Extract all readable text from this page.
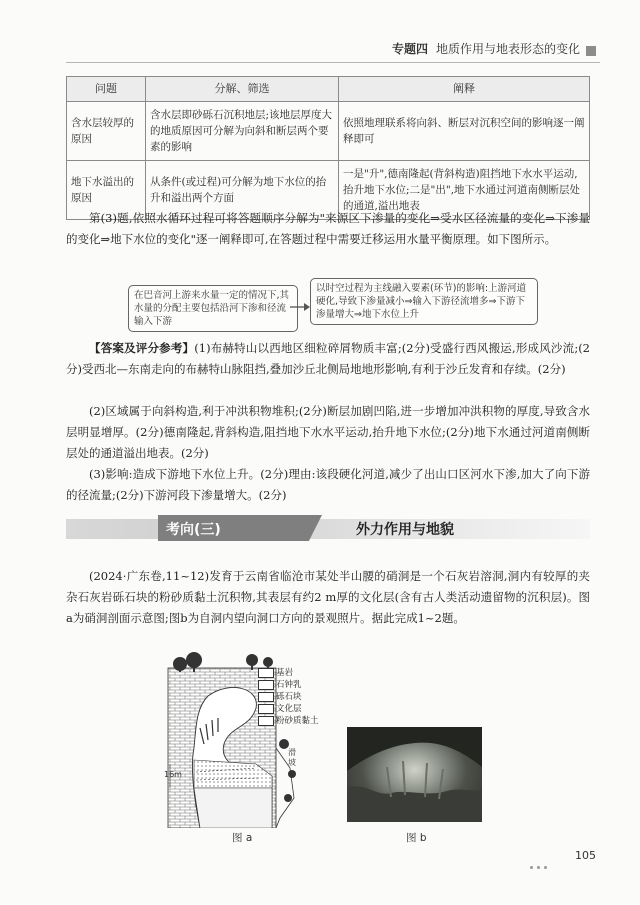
专题四 地质作用与地表形态的变化
问题	分解、筛选	阐释
含水层较厚的原因	含水层即砂砾石沉积地层;该地层厚度大的地质原因可分解为向斜和断层两个要素的影响	依照地理联系将向斜、断层对沉积空间的影响逐一阐释即可
地下水溢出的原因	从条件(或过程)可分解为地下水位的抬升和溢出两个方面	一是"升",德南隆起(背斜构造)阻挡地下水水平运动,抬升地下水位;二是"出",地下水通过河道南侧断层处的通道,溢出地表

第(3)题,依照水循环过程可将答题顺序分解为"来源区下渗量的变化⇒受水区径流量的变化⇒下渗量的变化⇒地下水位的变化"逐一阐释即可,在答题过程中需要迁移运用水量平衡原理。如下图所示。

在巴音河上游来水量一定的情况下,其水量的分配主要包括沿河下渗和径流输入下游
以时空过程为主线融入要素(环节)的影响:上游河道硬化,导致下渗量减小⇒输入下游径流增多⇒下游下渗量增大⇒地下水位上升

【答案及评分参考】(1)布赫特山以西地区细粒碎屑物质丰富;(2分)受盛行西风搬运,形成风沙流;(2分)受西北—东南走向的布赫特山脉阻挡,叠加沙丘北侧局地地形影响,有利于沙丘发育和存续。(2分)

(2)区域属于向斜构造,利于冲洪积物堆积;(2分)断层加剧凹陷,进一步增加冲洪积物的厚度,导致含水层明显增厚。(2分)德南隆起,背斜构造,阻挡地下水水平运动,抬升地下水位;(2分)地下水通过河道南侧断层处的通道溢出地表。(2分)

(3)影响:造成下游地下水位上升。(2分)理由:该段硬化河道,减少了出山口区河水下渗,加大了向下游的径流量;(2分)下游河段下渗量增大。(2分)

考向(三)	外力作用与地貌

(2024·广东卷,11~12)发育于云南省临沧市某处半山腰的硝洞是一个石灰岩溶洞,洞内有较厚的夹杂石灰岩砾石块的粉砂质黏土沉积物,其表层有约2 m厚的文化层(含有古人类活动遗留物的沉积层)。图a为硝洞剖面示意图;图b为自洞内望向洞口方向的景观照片。据此完成1~2题。

16m
滑坡
基岩
石钟乳
砾石块
文化层
粉砂质黏土
图 a	图 b
105
